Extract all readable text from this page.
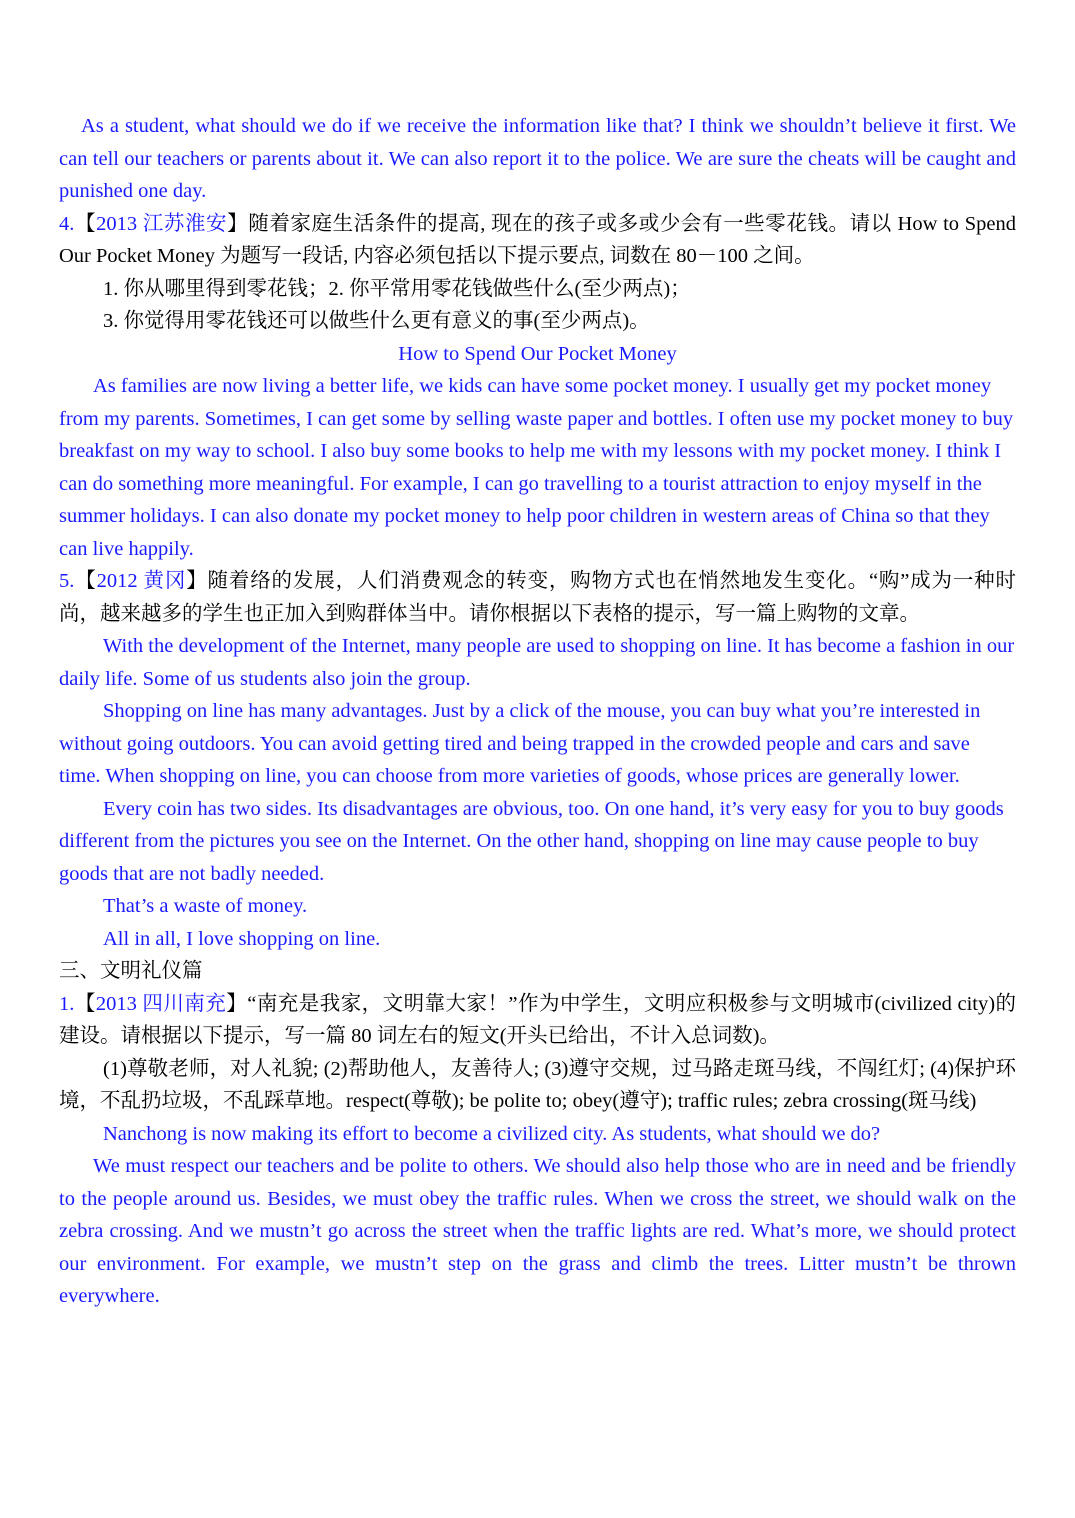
As a student, what should we do if we receive the information like that? I think we shouldn’t believe it first. We can tell our teachers or parents about it. We can also report it to the police. We are sure the cheats will be caught and punished one day.

4.【2013 江苏淮安】随着家庭生活条件的提高, 现在的孩子或多或少会有一些零花钱。请以 How to Spend Our Pocket Money 为题写一段话, 内容必须包括以下提示要点, 词数在 80－100 之间。

1. 你从哪里得到零花钱；2. 你平常用零花钱做些什么(至少两点)；

3. 你觉得用零花钱还可以做些什么更有意义的事(至少两点)。

How to Spend Our Pocket Money

As families are now living a better life, we kids can have some pocket money. I usually get my pocket money from my parents. Sometimes, I can get some by selling waste paper and bottles. I often use my pocket money to buy breakfast on my way to school. I also buy some books to help me with my lessons with my pocket money. I think I can do something more meaningful. For example, I can go travelling to a tourist attraction to enjoy myself in the summer holidays. I can also donate my pocket money to help poor children in western areas of China so that they can live happily.

5.【2012 黄冈】随着络的发展，人们消费观念的转变，购物方式也在悄然地发生变化。“购”成为一种时尚，越来越多的学生也正加入到购群体当中。请你根据以下表格的提示，写一篇上购物的文章。

With the development of the Internet, many people are used to shopping on line. It has become a fashion in our daily life. Some of us students also join the group.

Shopping on line has many advantages. Just by a click of the mouse, you can buy what you’re interested in without going outdoors. You can avoid getting tired and being trapped in the crowded people and cars and save time. When shopping on line, you can choose from more varieties of goods, whose prices are generally lower.

Every coin has two sides. Its disadvantages are obvious, too. On one hand, it’s very easy for you to buy goods different from the pictures you see on the Internet. On the other hand, shopping on line may cause people to buy goods that are not badly needed.

That’s a waste of money.

All in all, I love shopping on line.

三、文明礼仪篇

1.【2013 四川南充】“南充是我家，文明靠大家！”作为中学生，文明应积极参与文明城市(civilized city)的建设。请根据以下提示，写一篇 80 词左右的短文(开头已给出，不计入总词数)。

(1)尊敬老师，对人礼貌; (2)帮助他人，友善待人; (3)遵守交规，过马路走斑马线，不闯红灯; (4)保护环境，不乱扔垃圾，不乱踩草地。respect(尊敬); be polite to; obey(遵守); traffic rules; zebra crossing(斑马线)

Nanchong is now making its effort to become a civilized city. As students, what should we do?

We must respect our teachers and be polite to others. We should also help those who are in need and be friendly to the people around us. Besides, we must obey the traffic rules. When we cross the street, we should walk on the zebra crossing. And we mustn’t go across the street when the traffic lights are red. What’s more, we should protect our environment. For example, we mustn’t step on the grass and climb the trees. Litter mustn’t be thrown everywhere.
